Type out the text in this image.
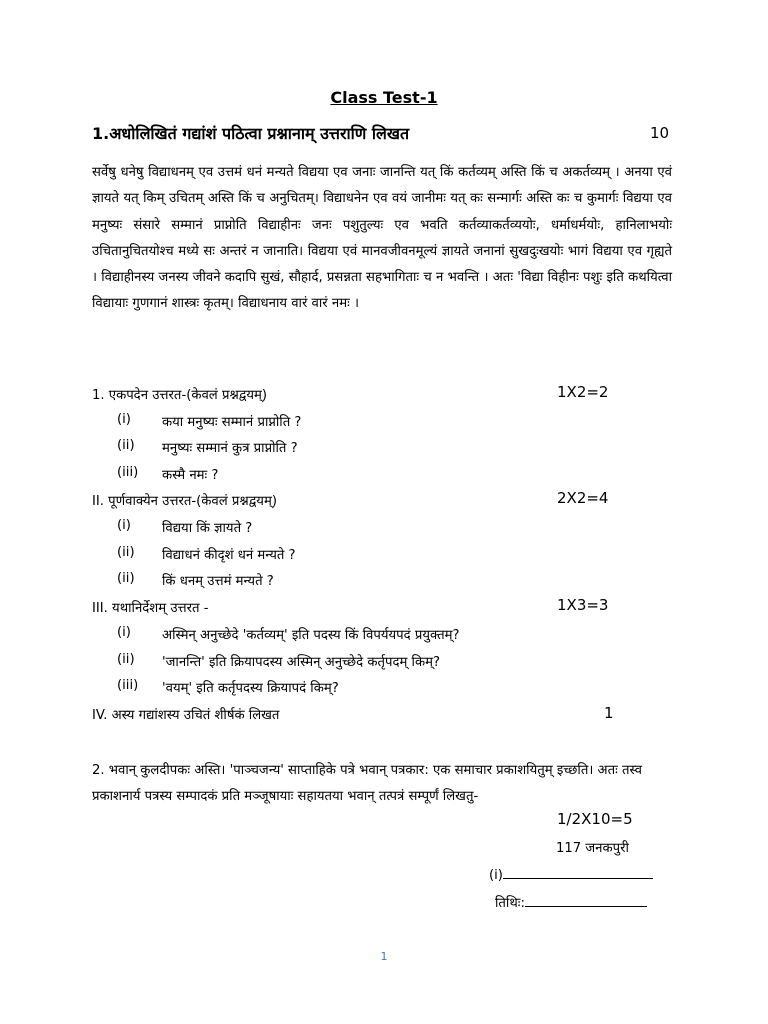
Class Test-1
1.अधोलिखितं गद्यांशं पठित्वा प्रश्नानाम् उत्तराणि लिखत	10
सर्वेषु धनेषु विद्याधनम् एव उत्तमं धनं मन्यते विद्यया एव जनाः जानन्ति यत् किं कर्तव्यम् अस्ति किं च अकर्तव्यम् । अनया एवं ज्ञायते यत् किम् उचितम् अस्ति किं च अनुचितम्। विद्याधनेन एव वयं जानीमः यत् कः सन्मार्गः अस्ति कः च कुमार्गः विद्यया एव मनुष्यः संसारे सम्मानं प्राप्नोति विद्याहीनः जनः पशुतुल्यः एव भवति कर्तव्याकर्तव्ययोः, धर्माधर्मयोः, हानिलाभयोः उचितानुचितयोश्च मध्ये सः अन्तरं न जानाति। विद्यया एवं मानवजीवनमूल्यं ज्ञायते जनानां सुखदुःखयोः भागं विद्यया एव गृह्यते । विद्याहीनस्य जनस्य जीवने कदापि सुखं, सौहार्द, प्रसन्नता सहभागिताः च न भवन्ति । अतः 'विद्या विहीनः पशुः इति कथयित्वा विद्यायाः गुणगानं शास्त्रः कृतम्। विद्याधनाय वारं वारं नमः ।
1. एकपदेन उत्तरत-(केवलं प्रश्नद्वयम्)	1X2=2
(i) कया मनुष्यः सम्मानं प्राप्नोति ?
(ii) मनुष्यः सम्मानं कुत्र प्राप्नोति ?
(iii) कस्मै नमः ?
II. पूर्णवाक्येन उत्तरत-(केवलं प्रश्नद्वयम्)	2X2=4
(i) विद्यया किं ज्ञायते ?
(ii) विद्याधनं कीदृशं धनं मन्यते ?
(ii) किं धनम् उत्तमं मन्यते ?
III. यथानिर्देशम् उत्तरत -	1X3=3
(i) अस्मिन् अनुच्छेदे 'कर्तव्यम्' इति पदस्य किं विपर्ययपदं प्रयुक्तम्?
(ii) 'जानन्ति' इति क्रियापदस्य अस्मिन् अनुच्छेदे कर्तृपदम् किम्?
(iii) 'वयम्' इति कर्तृपदस्य क्रियापदं किम्?
IV. अस्य गद्यांशस्य उचितं शीर्षकं लिखत	1
2. भवान् कुलदीपकः अस्ति। 'पाञ्चजन्य' साप्ताहिके पत्रे भवान् पत्रकार: एक समाचार प्रकाशयितुम् इच्छति। अतः तस्व प्रकाशनार्य पत्रस्य सम्पादकं प्रति मञ्जूषायाः सहायतया भवान् तत्पत्रं सम्पूर्णं लिखतु-
1/2X10=5
117 जनकपुरी
(i)
तिथिः:
1
